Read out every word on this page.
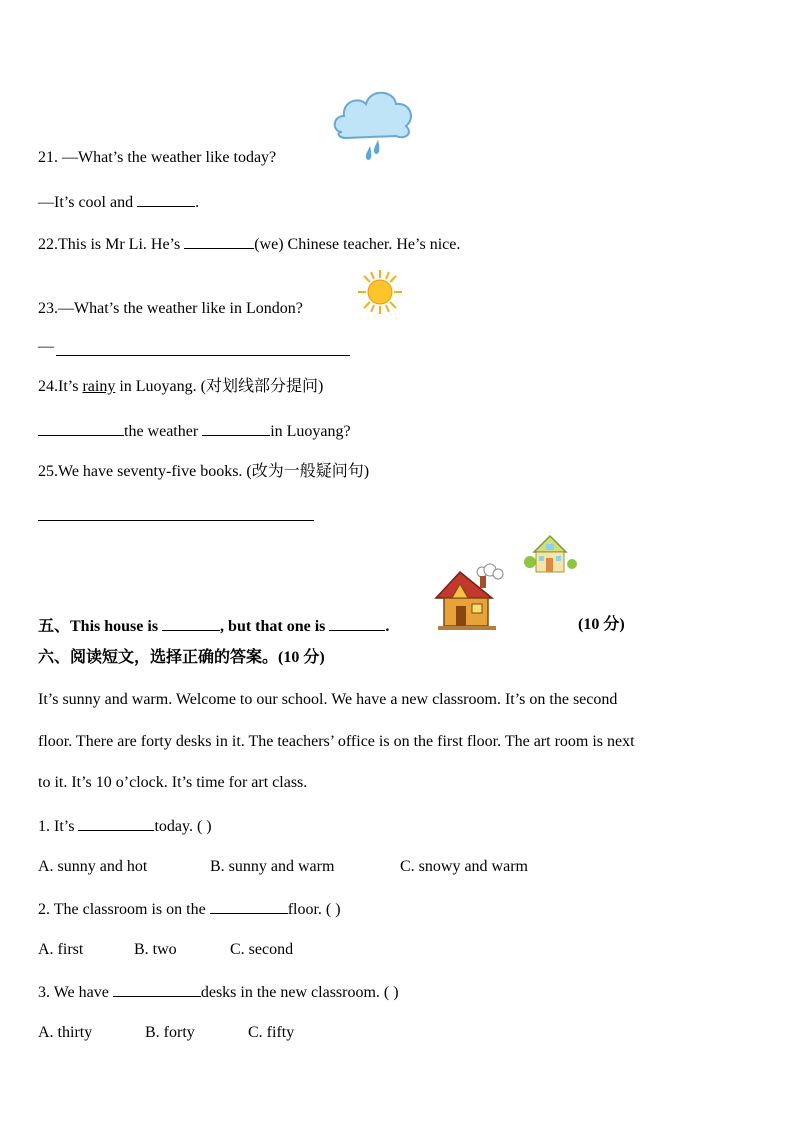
21. —What’s the weather like today?
—It’s cool and	.
22.This is Mr Li. He’s	(we) Chinese teacher. He’s nice.
23.—What’s the weather like in London?
—
24.It’s rainy in Luoyang. (对划线部分提问)
the weather	in Luoyang?
25.We have seventy-five books. (改为一般疑问句)
五、This house is	, but that one is	.	(10 分)
六、阅读短文，选择正确的答案。(10 分)
It’s sunny and warm. Welcome to our school. We have a new classroom. It’s on the second
floor. There are forty desks in it. The teachers’ office is on the first floor. The art room is next
to it. It’s 10 o’clock. It’s time for art class.
1. It’s	today. ( )
A. sunny and hot	B. sunny and warm	C. snowy and warm
2. The classroom is on the	floor. ( )
A. first	B. two	C. second
3. We have	desks in the new classroom. ( )
A. thirty	B. forty	C. fifty
